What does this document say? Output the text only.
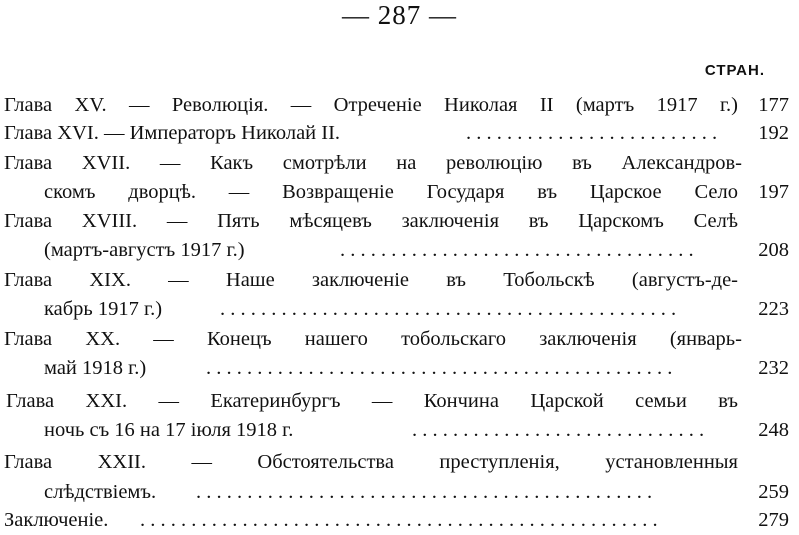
— 287 —
СТРАН.
Глава XV. — Революція. — Отреченіе Николая II (мартъ 1917 г.) 177
Глава XVI. — Императоръ Николай II.	. . . . . . . . . . . . . . . . . . . . . . . . .	192
Глава XVII. — Какъ смотрѣли на революцію въ Александров-
скомъ дворцѣ. — Возвращеніе Государя въ Царское Село 197
Глава XVIII. — Пять мѣсяцевъ заключенія въ Царскомъ Селѣ
(мартъ-августъ 1917 г.)	. . . . . . . . . . . . . . . . . . . . . . . . . . . . . . . . . . .	208
Глава XIX. — Наше заключеніе въ Тобольскѣ (августъ-де-
кабрь 1917 г.)	. . . . . . . . . . . . . . . . . . . . . . . . . . . . . . . . . . . . . . . . . . . . .	223
Глава XX. — Конецъ нашего тобольскаго заключенія (январь-
май 1918 г.)	. . . . . . . . . . . . . . . . . . . . . . . . . . . . . . . . . . . . . . . . . . . . . .	232
Глава XXI. — Екатеринбургъ — Кончина Царской семьи въ
ночь съ 16 на 17 іюля 1918 г.	. . . . . . . . . . . . . . . . . . . . . . . . . . . . .	248
Глава XXII. — Обстоятельства преступленія, установленныя
слѣдствіемъ. . . . . . . . . . . . . . . . . . . . . . . . . . . . . . . . . . . . . . . . . . . . . .	259
Заключеніе. . . . . . . . . . . . . . . . . . . . . . . . . . . . . . . . . . . . . . . . . . . . . . . . . . . .	279
